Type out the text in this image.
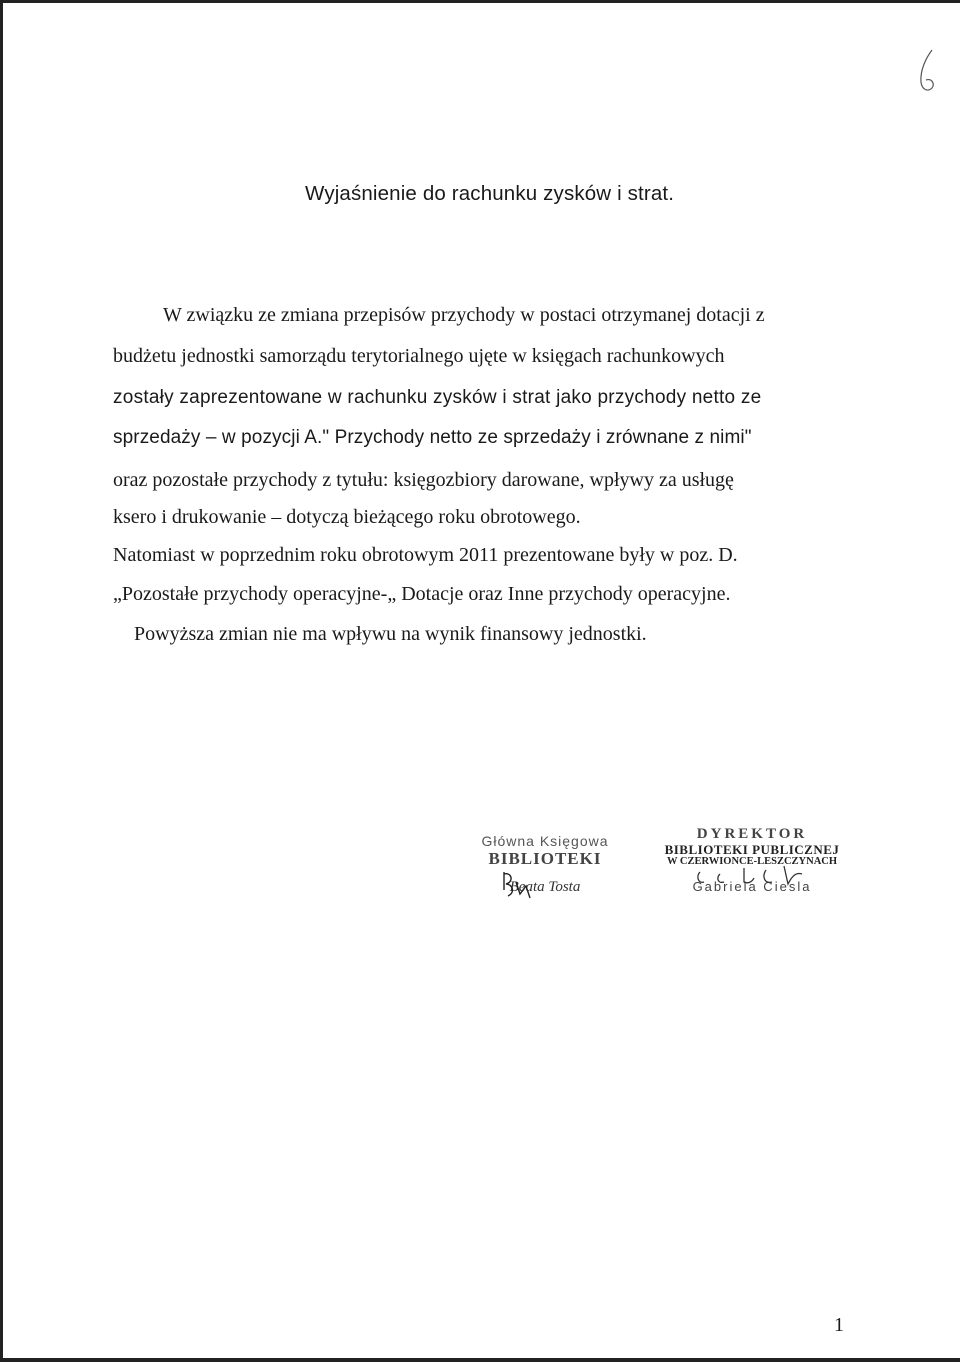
Wyjaśnienie do rachunku zysków i strat.
W związku ze zmiana przepisów przychody w postaci otrzymanej dotacji z
budżetu jednostki samorządu terytorialnego ujęte w księgach rachunkowych
zostały zaprezentowane w rachunku zysków i strat jako przychody netto ze
sprzedaży – w pozycji A." Przychody netto ze sprzedaży i zrównane z nimi"
oraz pozostałe przychody z tytułu: księgozbiory darowane, wpływy za usługę
ksero i drukowanie – dotyczą bieżącego roku obrotowego.
Natomiast w poprzednim roku obrotowym 2011 prezentowane były w poz. D.
„Pozostałe przychody operacyjne-„ Dotacje oraz Inne przychody operacyjne.
Powyższa zmian nie ma wpływu na wynik finansowy jednostki.
Główna Księgowa
BIBLIOTEKI
Beata Tosta
DYREKTOR
BIBLIOTEKI PUBLICZNEJ
W CZERWIONCE-LESZCZYNACH
Gabriela Ciesla
1
